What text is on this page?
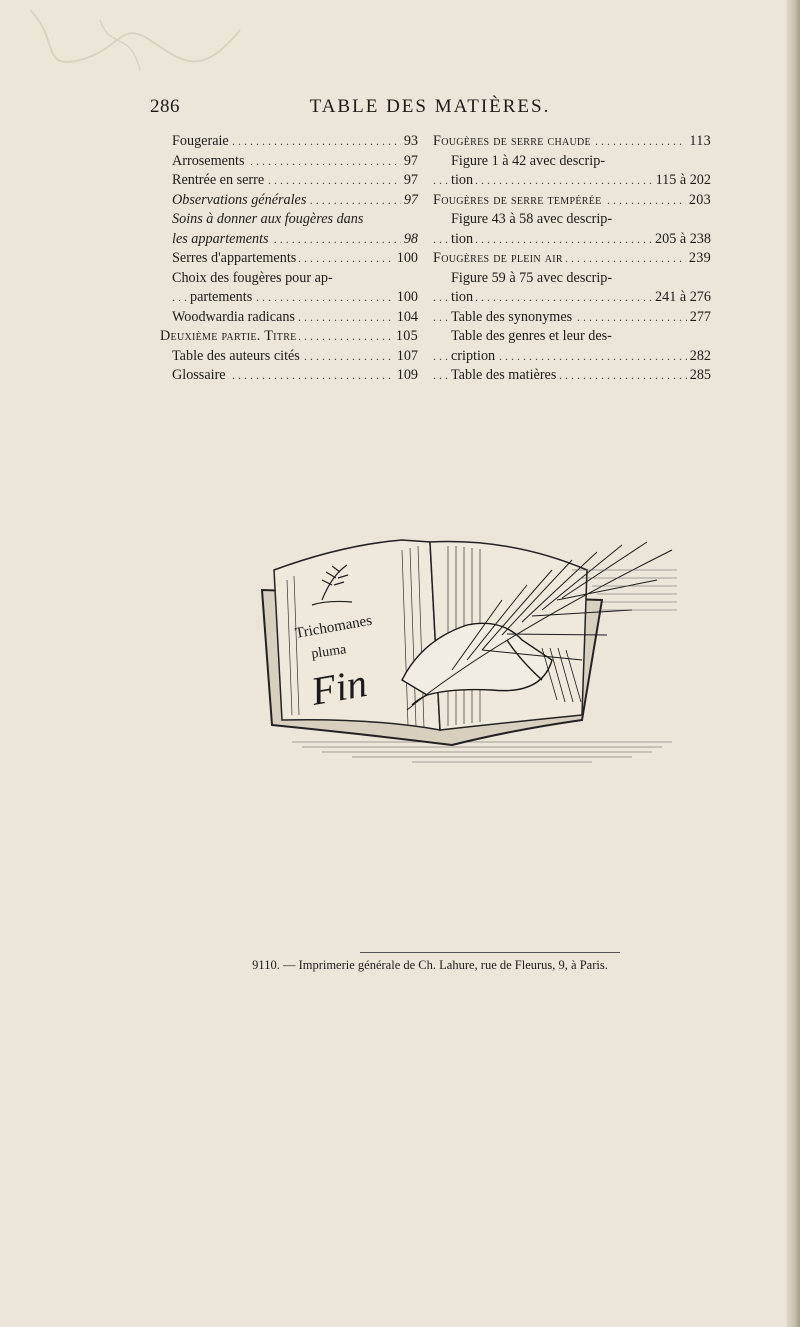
286	TABLE DES MATIÈRES.
. . . Fougeraie	93
. . . Arrosements	97
. . . Rentrée en serre	97
. . . Observations générales	97
Soins à donner aux fougères dans
. . . les appartements	98
. . . Serres d'appartements	100
Choix des fougères pour ap-
. . . partements	100
. . . Woodwardia radicans	104
. . . Deuxième partie. Titre	105
. . . Table des auteurs cités	107
. . . Glossaire	109
. . . Fougères de serre chaude	113
Figure 1 à 42 avec descrip-
. . . tion	115 à 202
. . . Fougères de serre tempérée	203
Figure 43 à 58 avec descrip-
. . . tion	205 à 238
. . . Fougères de plein air	239
Figure 59 à 75 avec descrip-
. . . tion	241 à 276
. . . Table des synonymes	277
Table des genres et leur des-
. . . cription	282
. . . Table des matières	285
Trichomanes
pluma
Fin
9110. — Imprimerie générale de Ch. Lahure, rue de Fleurus, 9, à Paris.
